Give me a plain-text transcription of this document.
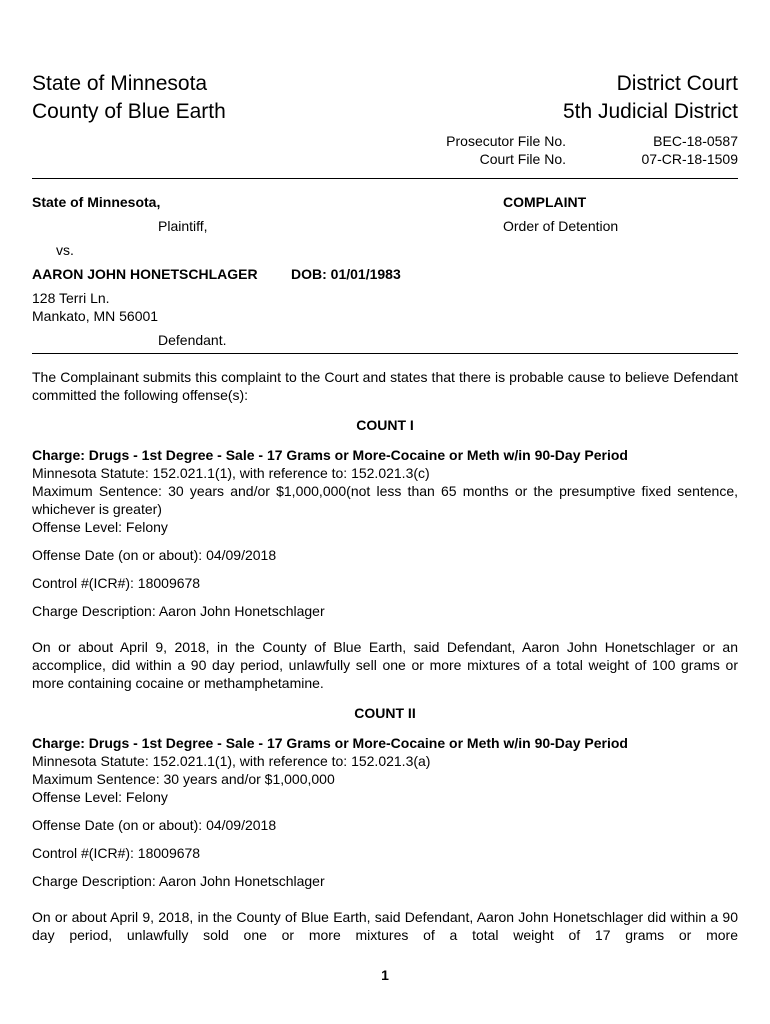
State of Minnesota
County of Blue Earth
District Court
5th Judicial District
Prosecutor File No.
Court File No.
BEC-18-0587
07-CR-18-1509
State of Minnesota,	COMPLAINT
Plaintiff,	Order of Detention
vs.
AARON JOHN HONETSCHLAGER DOB: 01/01/1983
128 Terri Ln.
Mankato, MN 56001
Defendant.

The Complainant submits this complaint to the Court and states that there is probable cause to believe Defendant committed the following offense(s):

COUNT I

Charge: Drugs - 1st Degree - Sale - 17 Grams or More-Cocaine or Meth w/in 90-Day Period

Minnesota Statute: 152.021.1(1), with reference to: 152.021.3(c)

Maximum Sentence: 30 years and/or $1,000,000(not less than 65 months or the presumptive fixed sentence, whichever is greater)

Offense Level: Felony

Offense Date (on or about): 04/09/2018

Control #(ICR#): 18009678

Charge Description: Aaron John Honetschlager

On or about April 9, 2018, in the County of Blue Earth, said Defendant, Aaron John Honetschlager or an accomplice, did within a 90 day period, unlawfully sell one or more mixtures of a total weight of 100 grams or more containing cocaine or methamphetamine.

COUNT II

Charge: Drugs - 1st Degree - Sale - 17 Grams or More-Cocaine or Meth w/in 90-Day Period

Minnesota Statute: 152.021.1(1), with reference to: 152.021.3(a)

Maximum Sentence: 30 years and/or $1,000,000

Offense Level: Felony

Offense Date (on or about): 04/09/2018

Control #(ICR#): 18009678

Charge Description: Aaron John Honetschlager

On or about April 9, 2018, in the County of Blue Earth, said Defendant, Aaron John Honetschlager did within a 90 day period, unlawfully sold one or more mixtures of a total weight of 17 grams or more

1
